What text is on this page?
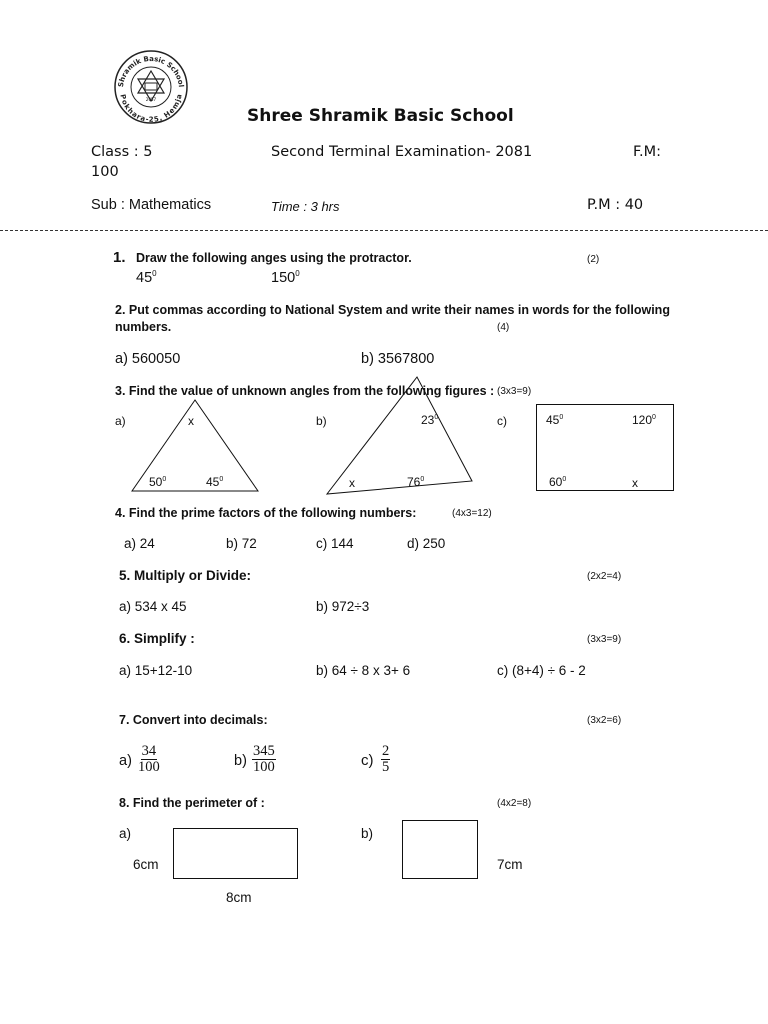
2057
Shramik Basic School
Pokhara-25, Hemja
Shree Shramik Basic School
Class : 5	Second Terminal Examination- 2081	F.M:
100
Sub : Mathematics	Time : 3 hrs	P.M : 40
1. Draw the following anges using the protractor.	(2)
$45^0$	$150^0$
2. Put commas according to National System and write their names in words for the following
numbers.	(4)
a) 560050	b) 3567800
3. Find the value of unknown angles from the following figures : (3x3=9)
a)	x
$50^0$	$45^0$
b)	$23^0$
x	$76^0$
c)	$45^0$	$120^0$
$60^0$	x
4. Find the prime factors of the following numbers:	(4x3=12)
a) 24	b) 72	c) 144	d) 250
5. Multiply or Divide:	(2x2=4)
a) 534 x 45	b) 972÷3
6. Simplify :	(3x3=9)
a) 15+12-10	b) 64 ÷ 8 x 3+ 6	c) (8+4) ÷ 6 - 2
7. Convert into decimals:	(3x2=6)
$a) \frac{34}{100}$	$b) \frac{345}{100}$	$c) \frac{2}{5}$
8. Find the perimeter of :	(4x2=8)
a)
6cm
8cm
b)
7cm
